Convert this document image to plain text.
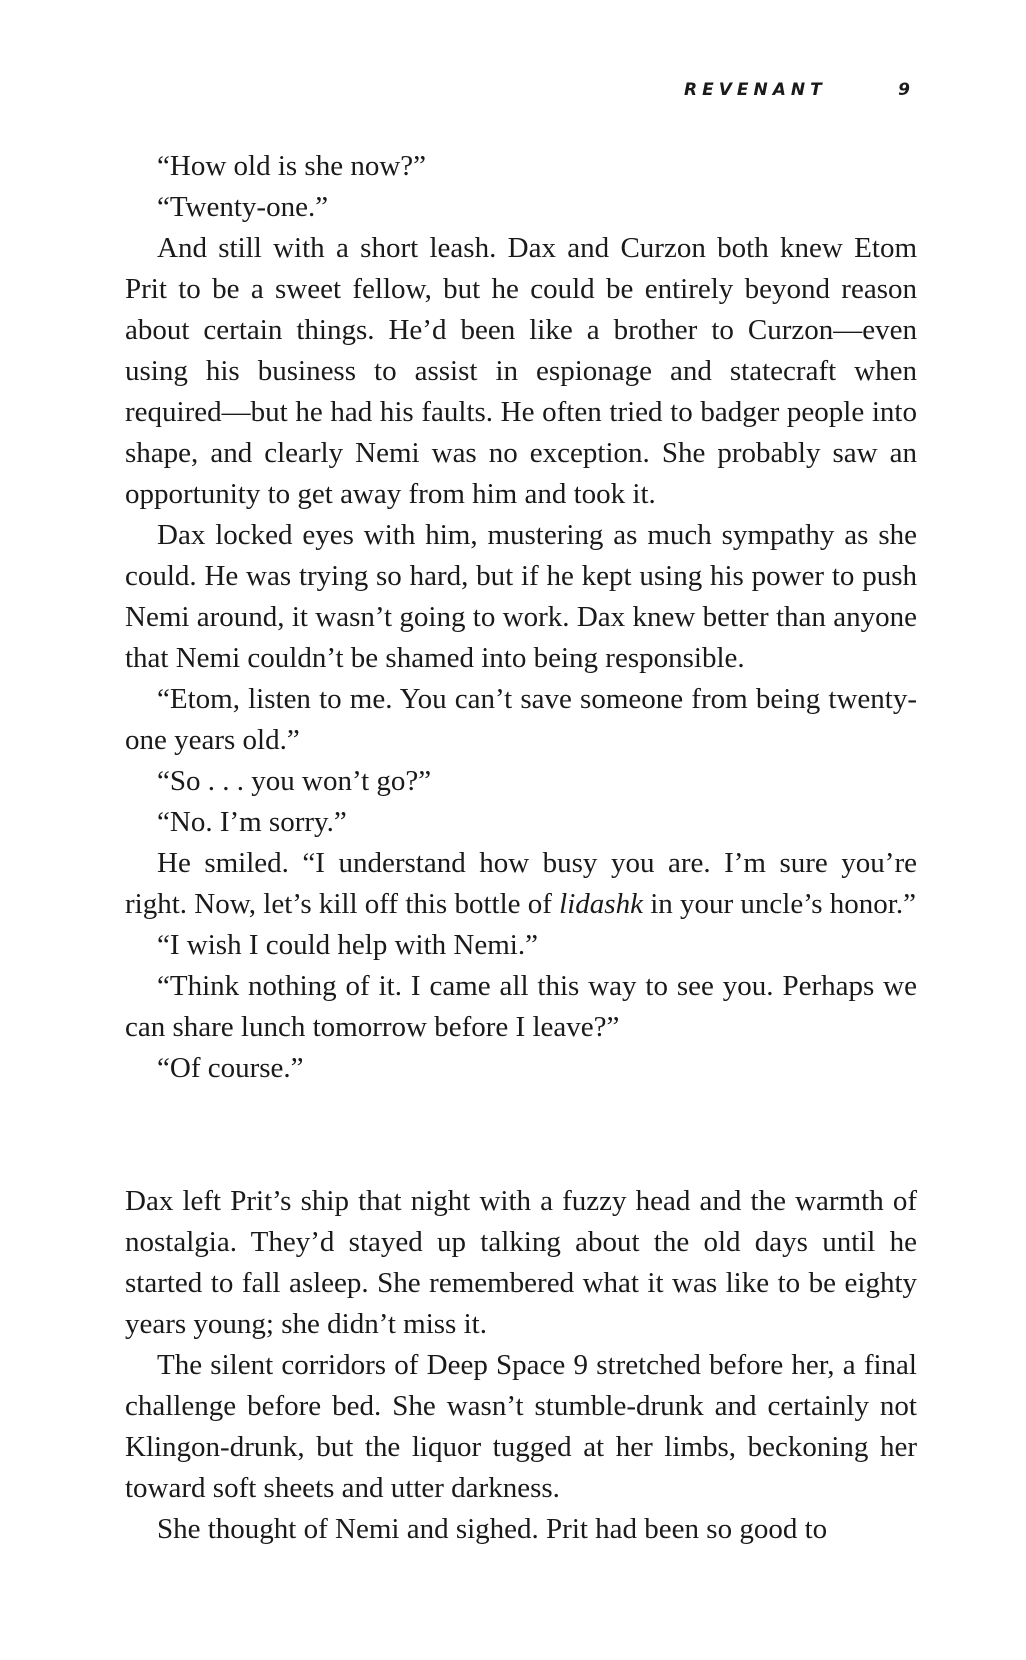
REVENANT	9

“How old is she now?”

“Twenty-one.”

And still with a short leash. Dax and Curzon both knew Etom Prit to be a sweet fellow, but he could be entirely beyond reason about certain things. He’d been like a brother to Curzon—even using his business to assist in espionage and statecraft when required—but he had his faults. He often tried to badger people into shape, and clearly Nemi was no exception. She probably saw an opportunity to get away from him and took it.

Dax locked eyes with him, mustering as much sympathy as she could. He was trying so hard, but if he kept using his power to push Nemi around, it wasn’t going to work. Dax knew better than anyone that Nemi couldn’t be shamed into being responsible.

“Etom, listen to me. You can’t save someone from being twenty-one years old.”

“So . . . you won’t go?”

“No. I’m sorry.”

He smiled. “I understand how busy you are. I’m sure you’re right. Now, let’s kill off this bottle of lidashk in your uncle’s honor.”

“I wish I could help with Nemi.”

“Think nothing of it. I came all this way to see you. Perhaps we can share lunch tomorrow before I leave?”

“Of course.”

Dax left Prit’s ship that night with a fuzzy head and the warmth of nostalgia. They’d stayed up talking about the old days until he started to fall asleep. She remembered what it was like to be eighty years young; she didn’t miss it.

The silent corridors of Deep Space 9 stretched before her, a final challenge before bed. She wasn’t stumble-drunk and certainly not Klingon-drunk, but the liquor tugged at her limbs, beckoning her toward soft sheets and utter darkness.

She thought of Nemi and sighed. Prit had been so good to
